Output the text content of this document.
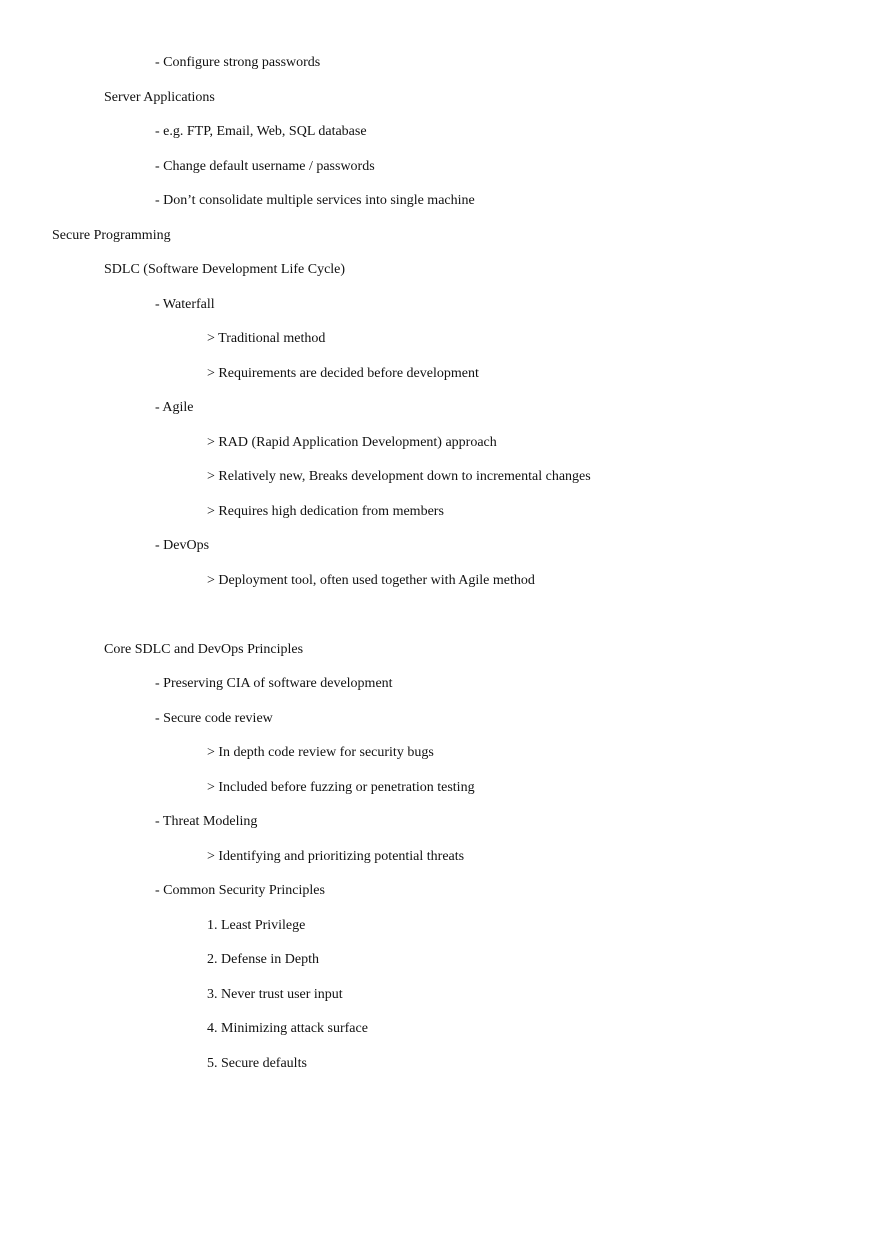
- Configure strong passwords
Server Applications
- e.g. FTP, Email, Web, SQL database
- Change default username / passwords
- Don’t consolidate multiple services into single machine
Secure Programming
SDLC (Software Development Life Cycle)
- Waterfall
> Traditional method
> Requirements are decided before development
- Agile
> RAD (Rapid Application Development) approach
> Relatively new, Breaks development down to incremental changes
> Requires high dedication from members
- DevOps
> Deployment tool, often used together with Agile method
Core SDLC and DevOps Principles
- Preserving CIA of software development
- Secure code review
> In depth code review for security bugs
> Included before fuzzing or penetration testing
- Threat Modeling
> Identifying and prioritizing potential threats
- Common Security Principles
1. Least Privilege
2. Defense in Depth
3. Never trust user input
4. Minimizing attack surface
5. Secure defaults
